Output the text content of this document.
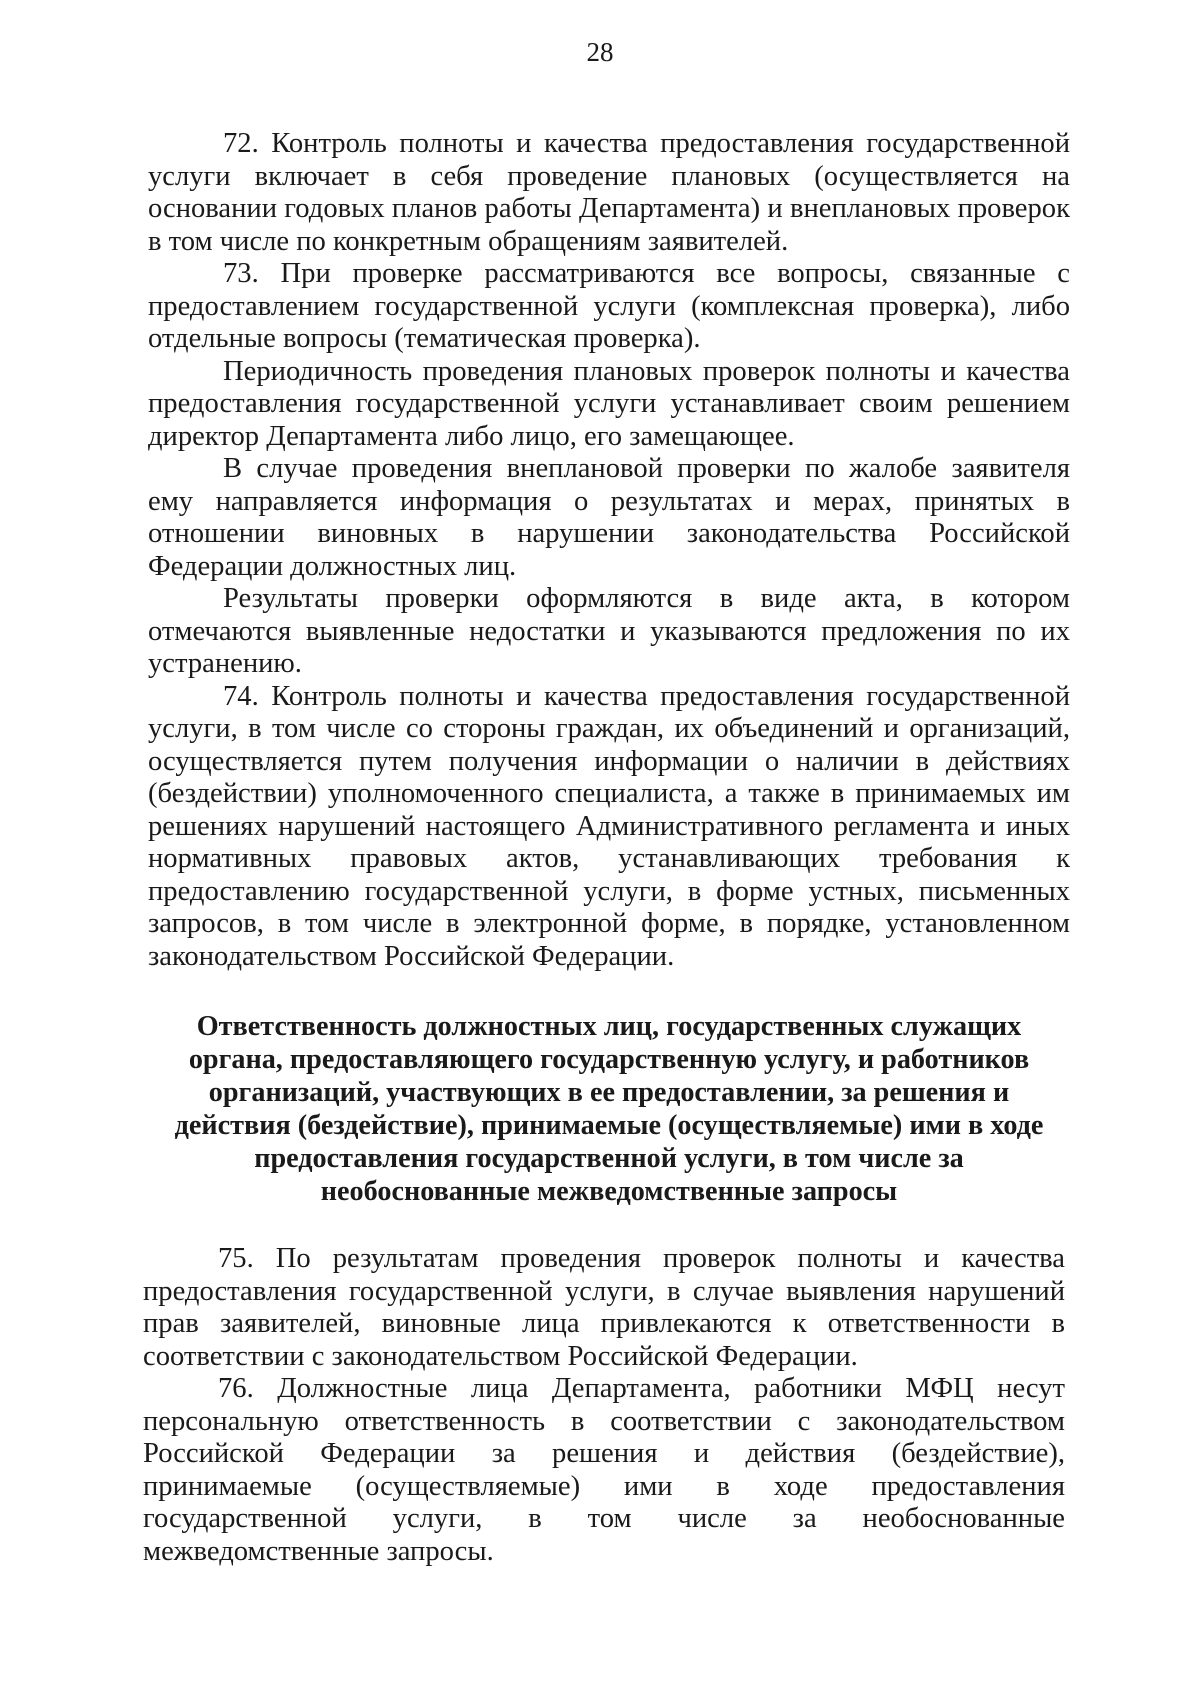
28

72. Контроль полноты и качества предоставления государственной услуги включает в себя проведение плановых (осуществляется на основании годовых планов работы Департамента) и внеплановых проверок в том числе по конкретным обращениям заявителей.

73. При проверке рассматриваются все вопросы, связанные с предоставлением государственной услуги (комплексная проверка), либо отдельные вопросы (тематическая проверка).

Периодичность проведения плановых проверок полноты и качества предоставления государственной услуги устанавливает своим решением директор Департамента либо лицо, его замещающее.

В случае проведения внеплановой проверки по жалобе заявителя ему направляется информация о результатах и мерах, принятых в отношении виновных в нарушении законодательства Российской Федерации должностных лиц.

Результаты проверки оформляются в виде акта, в котором отмечаются выявленные недостатки и указываются предложения по их устранению.

74. Контроль полноты и качества предоставления государственной услуги, в том числе со стороны граждан, их объединений и организаций, осуществляется путем получения информации о наличии в действиях (бездействии) уполномоченного специалиста, а также в принимаемых им решениях нарушений настоящего Административного регламента и иных нормативных правовых актов, устанавливающих требования к предоставлению государственной услуги, в форме устных, письменных запросов, в том числе в электронной форме, в порядке, установленном законодательством Российской Федерации.

Ответственность должностных лиц, государственных служащих органа, предоставляющего государственную услугу, и работников организаций, участвующих в ее предоставлении, за решения и действия (бездействие), принимаемые (осуществляемые) ими в ходе предоставления государственной услуги, в том числе за необоснованные межведомственные запросы

75. По результатам проведения проверок полноты и качества предоставления государственной услуги, в случае выявления нарушений прав заявителей, виновные лица привлекаются к ответственности в соответствии с законодательством Российской Федерации.

76. Должностные лица Департамента, работники МФЦ несут персональную ответственность в соответствии с законодательством Российской Федерации за решения и действия (бездействие), принимаемые (осуществляемые) ими в ходе предоставления государственной услуги, в том числе за необоснованные межведомственные запросы.
